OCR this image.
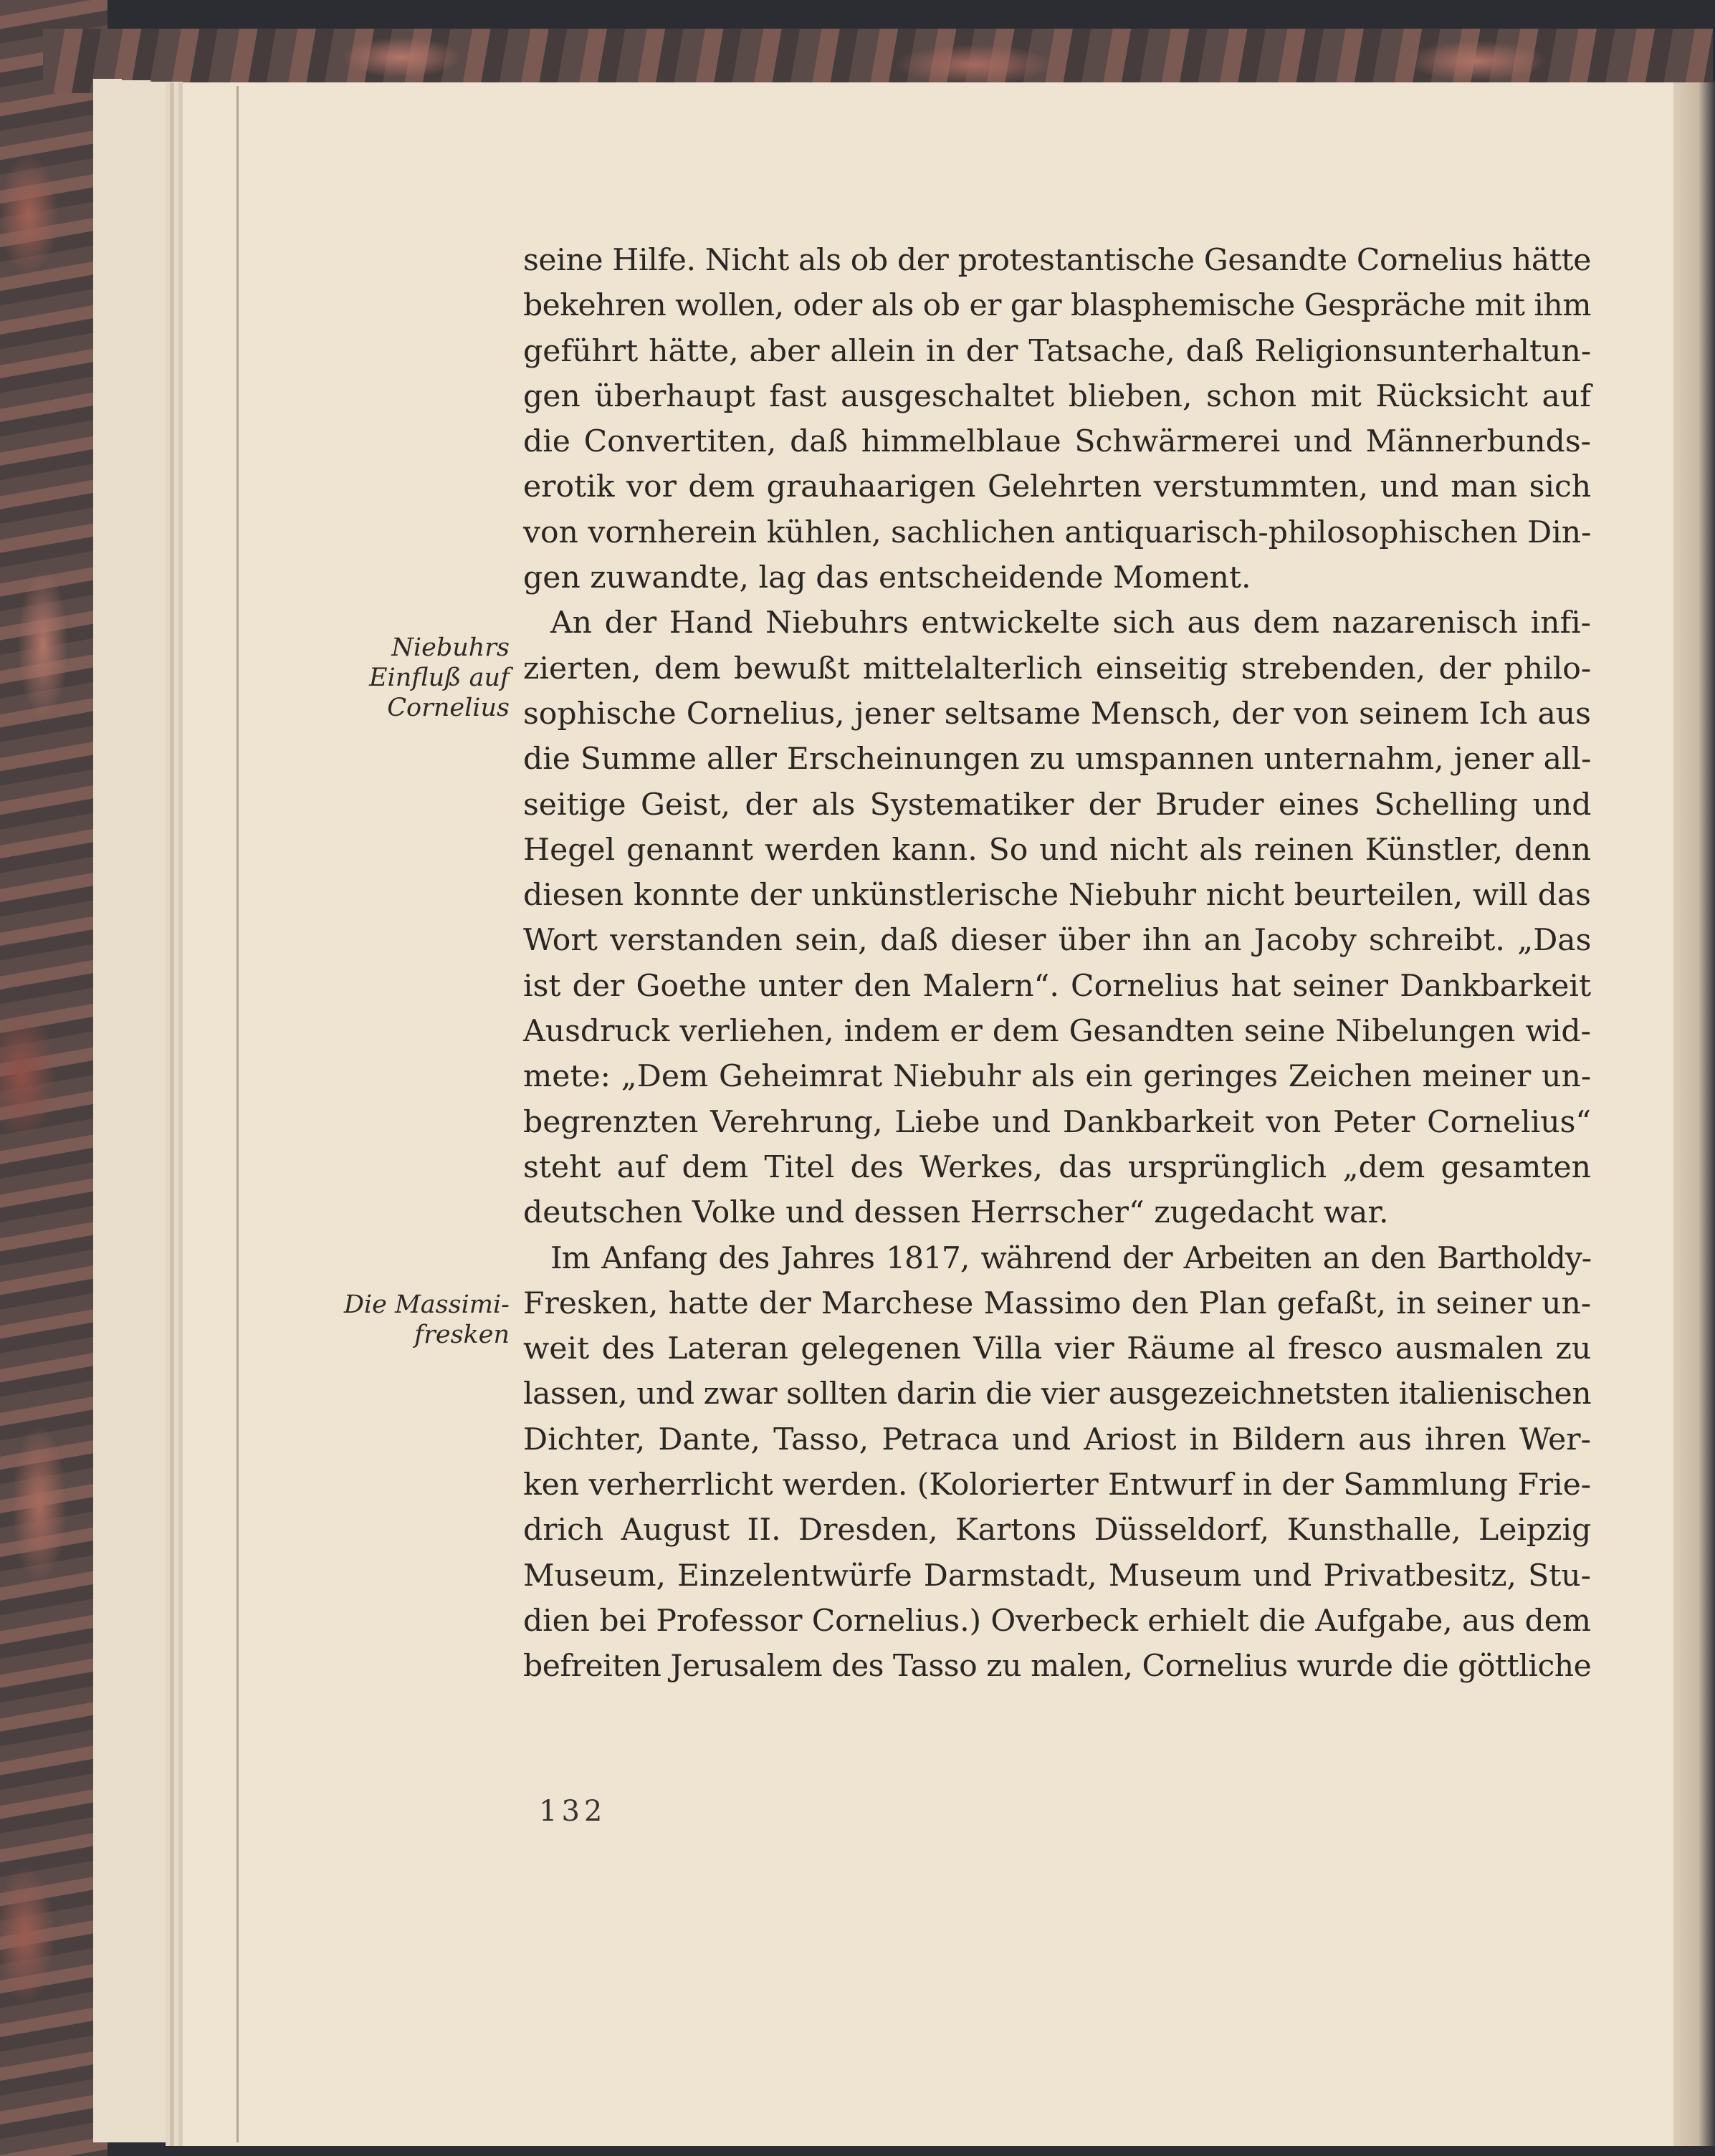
Niebuhrs
Einfluß auf
Cornelius
Die Massimi-
fresken
seine Hilfe. Nicht als ob der protestantische Gesandte Cornelius hätte
bekehren wollen, oder als ob er gar blasphemische Gespräche mit ihm
geführt hätte, aber allein in der Tatsache, daß Religionsunterhaltun-
gen überhaupt fast ausgeschaltet blieben, schon mit Rücksicht auf
die Convertiten, daß himmelblaue Schwärmerei und Männerbunds-
erotik vor dem grauhaarigen Gelehrten verstummten, und man sich
von vornherein kühlen, sachlichen antiquarisch-philosophischen Din-
gen zuwandte, lag das entscheidende Moment.
An der Hand Niebuhrs entwickelte sich aus dem nazarenisch infi-
zierten, dem bewußt mittelalterlich einseitig strebenden, der philo-
sophische Cornelius, jener seltsame Mensch, der von seinem Ich aus
die Summe aller Erscheinungen zu umspannen unternahm, jener all-
seitige Geist, der als Systematiker der Bruder eines Schelling und
Hegel genannt werden kann. So und nicht als reinen Künstler, denn
diesen konnte der unkünstlerische Niebuhr nicht beurteilen, will das
Wort verstanden sein, daß dieser über ihn an Jacoby schreibt. „Das
ist der Goethe unter den Malern“. Cornelius hat seiner Dankbarkeit
Ausdruck verliehen, indem er dem Gesandten seine Nibelungen wid-
mete: „Dem Geheimrat Niebuhr als ein geringes Zeichen meiner un-
begrenzten Verehrung, Liebe und Dankbarkeit von Peter Cornelius“
steht auf dem Titel des Werkes, das ursprünglich „dem gesamten
deutschen Volke und dessen Herrscher“ zugedacht war.
Im Anfang des Jahres 1817, während der Arbeiten an den Bartholdy-
Fresken, hatte der Marchese Massimo den Plan gefaßt, in seiner un-
weit des Lateran gelegenen Villa vier Räume al fresco ausmalen zu
lassen, und zwar sollten darin die vier ausgezeichnetsten italienischen
Dichter, Dante, Tasso, Petraca und Ariost in Bildern aus ihren Wer-
ken verherrlicht werden. (Kolorierter Entwurf in der Sammlung Frie-
drich August II. Dresden, Kartons Düsseldorf, Kunsthalle, Leipzig
Museum, Einzelentwürfe Darmstadt, Museum und Privatbesitz, Stu-
dien bei Professor Cornelius.) Overbeck erhielt die Aufgabe, aus dem
befreiten Jerusalem des Tasso zu malen, Cornelius wurde die göttliche
132
